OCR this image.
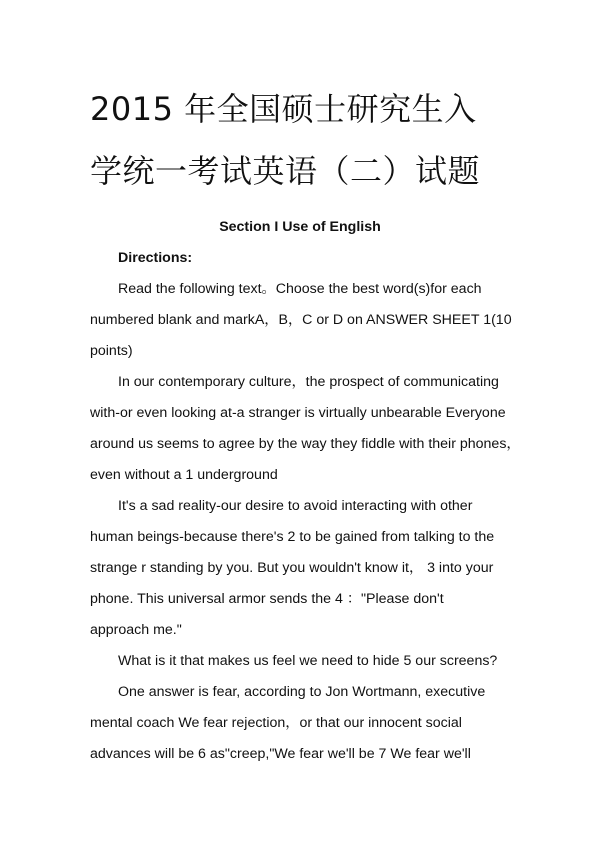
2015 年全国硕士研究生入
学统一考试英语（二）试题

Section I Use of English

Directions:

Read the following text。Choose the best word(s)for each
numbered blank and markA，B，C or D on ANSWER SHEET 1(10
points)

In our contemporary culture，the prospect of communicating
with-or even looking at-a stranger is virtually unbearable Everyone
around us seems to agree by the way they fiddle with their phones，
even without a 1 underground

It's a sad reality-our desire to avoid interacting with other
human beings-because there's 2 to be gained from talking to the
strange r standing by you. But you wouldn't know it， 3 into your
phone. This universal armor sends the 4 ："Please don't
approach me."

What is it that makes us feel we need to hide 5 our screens?

One answer is fear, according to Jon Wortmann, executive
mental coach We fear rejection，or that our innocent social
advances will be 6 as"creep,"We fear we'll be 7 We fear we'll
